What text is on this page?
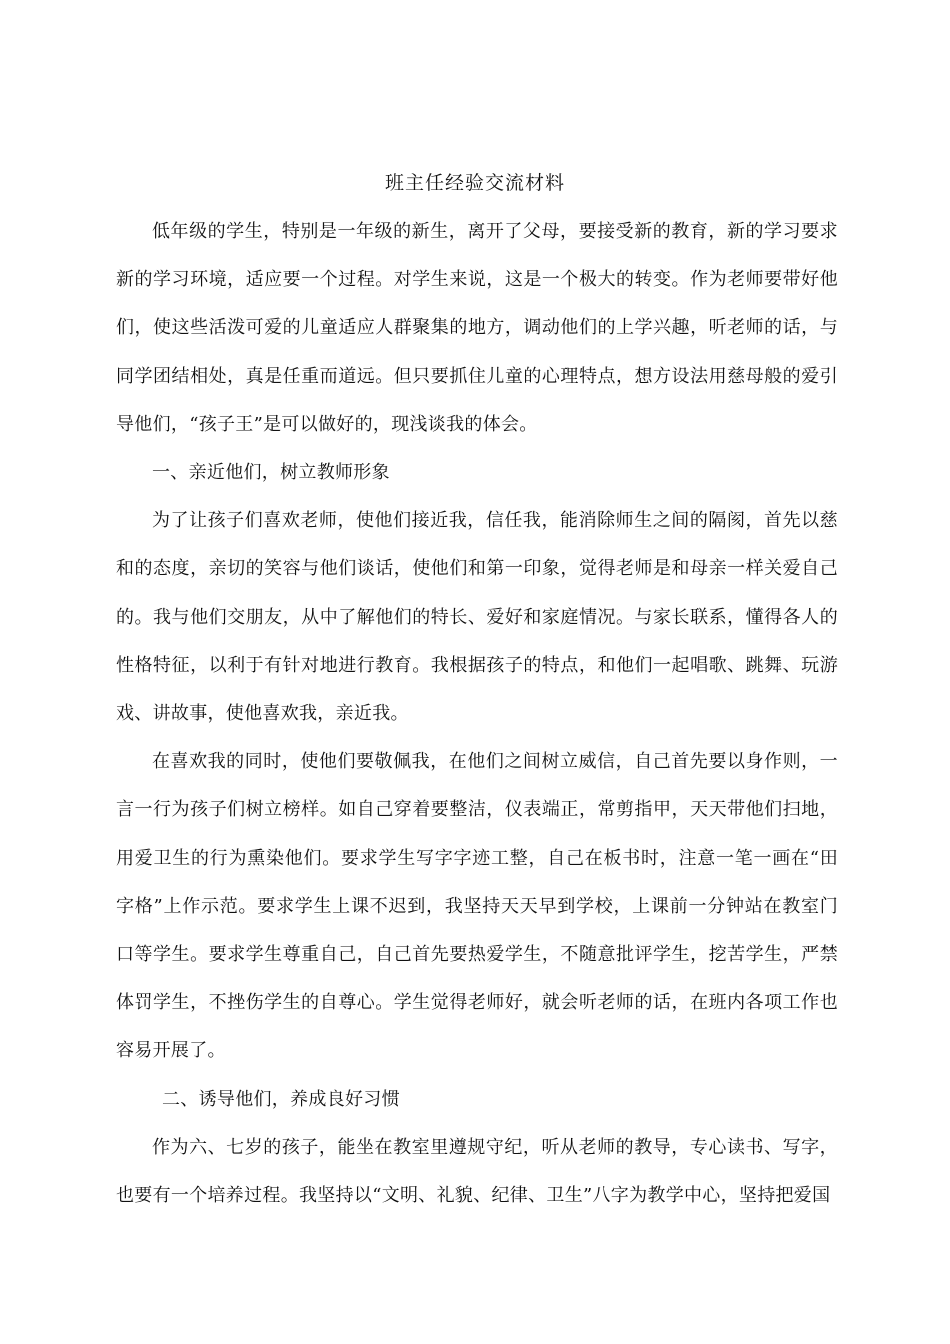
班主任经验交流材料

低年级的学生，特别是一年级的新生，离开了父母，要接受新的教育，新的学习要求新的学习环境，适应要一个过程。对学生来说，这是一个极大的转变。作为老师要带好他们，使这些活泼可爱的儿童适应人群聚集的地方，调动他们的上学兴趣，听老师的话，与同学团结相处，真是任重而道远。但只要抓住儿童的心理特点，想方设法用慈母般的爱引导他们，“孩子王”是可以做好的，现浅谈我的体会。

一、亲近他们，树立教师形象

为了让孩子们喜欢老师，使他们接近我，信任我，能消除师生之间的隔阂，首先以慈和的态度，亲切的笑容与他们谈话，使他们和第一印象，觉得老师是和母亲一样关爱自己的。我与他们交朋友，从中了解他们的特长、爱好和家庭情况。与家长联系，懂得各人的性格特征，以利于有针对地进行教育。我根据孩子的特点，和他们一起唱歌、跳舞、玩游戏、讲故事，使他喜欢我，亲近我。

在喜欢我的同时，使他们要敬佩我，在他们之间树立威信，自己首先要以身作则，一言一行为孩子们树立榜样。如自己穿着要整洁，仪表端正，常剪指甲，天天带他们扫地，用爱卫生的行为熏染他们。要求学生写字字迹工整，自己在板书时，注意一笔一画在“田字格”上作示范。要求学生上课不迟到，我坚持天天早到学校，上课前一分钟站在教室门口等学生。要求学生尊重自己，自己首先要热爱学生，不随意批评学生，挖苦学生，严禁体罚学生，不挫伤学生的自尊心。学生觉得老师好，就会听老师的话，在班内各项工作也容易开展了。

二、诱导他们，养成良好习惯

作为六、七岁的孩子，能坐在教室里遵规守纪，听从老师的教导，专心读书、写字，也要有一个培养过程。我坚持以“文明、礼貌、纪律、卫生”八字为教学中心，坚持把爱国
